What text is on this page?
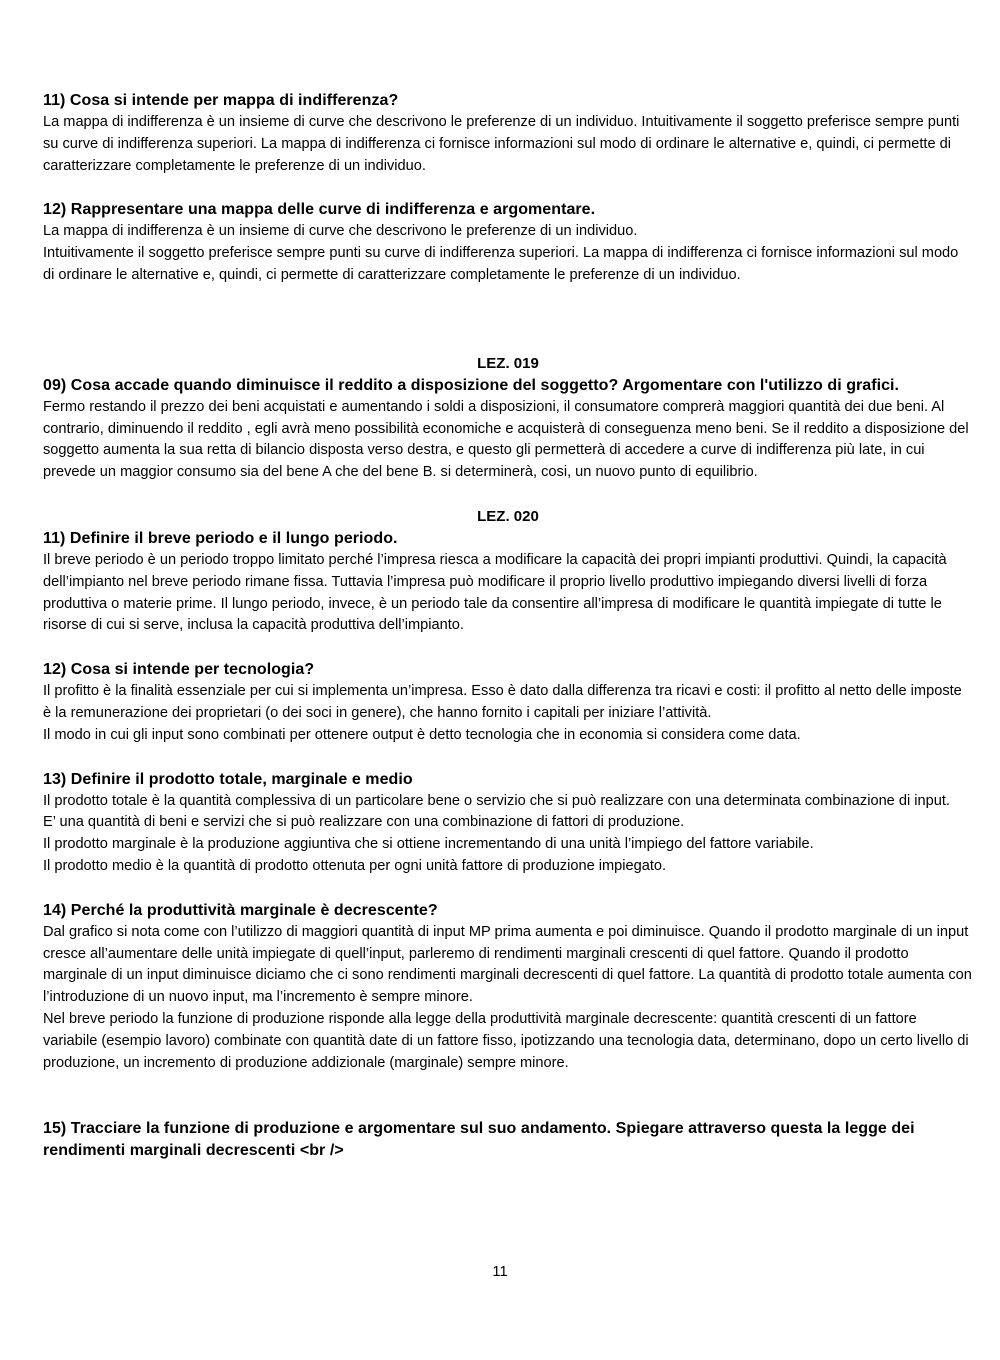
11) Cosa si intende per mappa di indifferenza?

La mappa di indifferenza è un insieme di curve che descrivono le preferenze di un individuo. Intuitivamente il soggetto preferisce sempre punti su curve di indifferenza superiori. La mappa di indifferenza ci fornisce informazioni sul modo di ordinare le alternative e, quindi, ci permette di caratterizzare completamente le preferenze di un individuo.

12) Rappresentare una mappa delle curve di indifferenza e argomentare.

La mappa di indifferenza è un insieme di curve che descrivono le preferenze di un individuo.

Intuitivamente il soggetto preferisce sempre punti su curve di indifferenza superiori. La mappa di indifferenza ci fornisce informazioni sul modo di ordinare le alternative e, quindi, ci permette di caratterizzare completamente le preferenze di un individuo.

LEZ. 019

09) Cosa accade quando diminuisce il reddito a disposizione del soggetto? Argomentare con l'utilizzo di grafici.

Fermo restando il prezzo dei beni acquistati e aumentando i soldi a disposizioni, il consumatore comprerà maggiori quantità dei due beni. Al contrario, diminuendo il reddito , egli avrà meno possibilità economiche e acquisterà di conseguenza meno beni. Se il reddito a disposizione del soggetto aumenta la sua retta di bilancio disposta verso destra, e questo gli permetterà di accedere a curve di indifferenza più late, in cui prevede un maggior consumo sia del bene A che del bene B. si determinerà, cosi, un nuovo punto di equilibrio.

LEZ. 020

11) Definire il breve periodo e il lungo periodo.

Il breve periodo è un periodo troppo limitato perché l’impresa riesca a modificare la capacità dei propri impianti produttivi. Quindi, la capacità dell’impianto nel breve periodo rimane fissa. Tuttavia l’impresa può modificare il proprio livello produttivo impiegando diversi livelli di forza produttiva o materie prime. Il lungo periodo, invece, è un periodo tale da consentire all’impresa di modificare le quantità impiegate di tutte le risorse di cui si serve, inclusa la capacità produttiva dell’impianto.

12) Cosa si intende per tecnologia?

Il profitto è la finalità essenziale per cui si implementa un’impresa. Esso è dato dalla differenza tra ricavi e costi: il profitto al netto delle imposte è la remunerazione dei proprietari (o dei soci in genere), che hanno fornito i capitali per iniziare l’attività.

Il modo in cui gli input sono combinati per ottenere output è detto tecnologia che in economia si considera come data.

13) Definire il prodotto totale, marginale e medio

Il prodotto totale è la quantità complessiva di un particolare bene o servizio che si può realizzare con una determinata combinazione di input.

E’ una quantità di beni e servizi che si può realizzare con una combinazione di fattori di produzione.

Il prodotto marginale è la produzione aggiuntiva che si ottiene incrementando di una unità l’impiego del fattore variabile.

Il prodotto medio è la quantità di prodotto ottenuta per ogni unità fattore di produzione impiegato.

14) Perché la produttività marginale è decrescente?

Dal grafico si nota come con l’utilizzo di maggiori quantità di input MP prima aumenta e poi diminuisce. Quando il prodotto marginale di un input cresce all’aumentare delle unità impiegate di quell’input, parleremo di rendimenti marginali crescenti di quel fattore. Quando il prodotto marginale di un input diminuisce diciamo che ci sono rendimenti marginali decrescenti di quel fattore. La quantità di prodotto totale aumenta con l’introduzione di un nuovo input, ma l’incremento è sempre minore.

Nel breve periodo la funzione di produzione risponde alla legge della produttività marginale decrescente: quantità crescenti di un fattore variabile (esempio lavoro) combinate con quantità date di un fattore fisso, ipotizzando una tecnologia data, determinano, dopo un certo livello di produzione, un incremento di produzione addizionale (marginale) sempre minore.

15) Tracciare la funzione di produzione e argomentare sul suo andamento. Spiegare attraverso questa la legge dei rendimenti marginali decrescenti <br />

11
